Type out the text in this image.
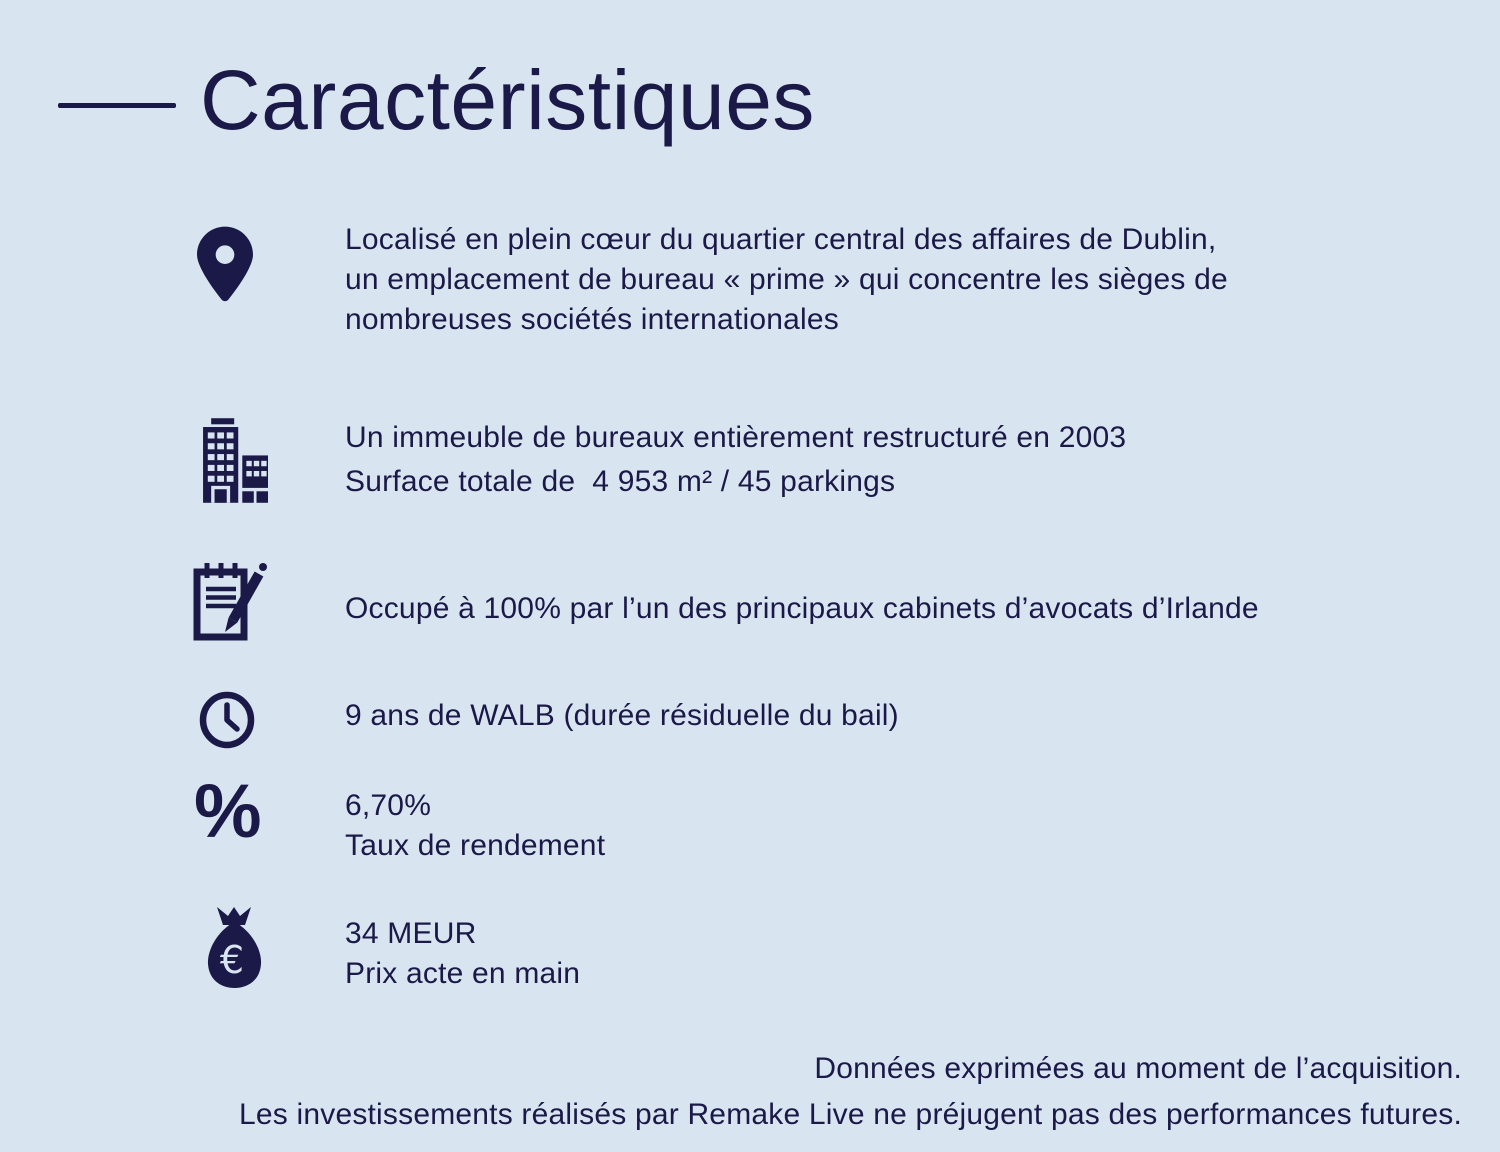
Caractéristiques
Localisé en plein cœur du quartier central des affaires de Dublin,
un emplacement de bureau « prime » qui concentre les sièges de
nombreuses sociétés internationales
Un immeuble de bureaux entièrement restructuré en 2003
Surface totale de  4 953 m² / 45 parkings
Occupé à 100% par l’un des principaux cabinets d’avocats d’Irlande
9 ans de WALB (durée résiduelle du bail)
%	6,70%
Taux de rendement
€
34 MEUR
Prix acte en main
Données exprimées au moment de l’acquisition.
Les investissements réalisés par Remake Live ne préjugent pas des performances futures.
